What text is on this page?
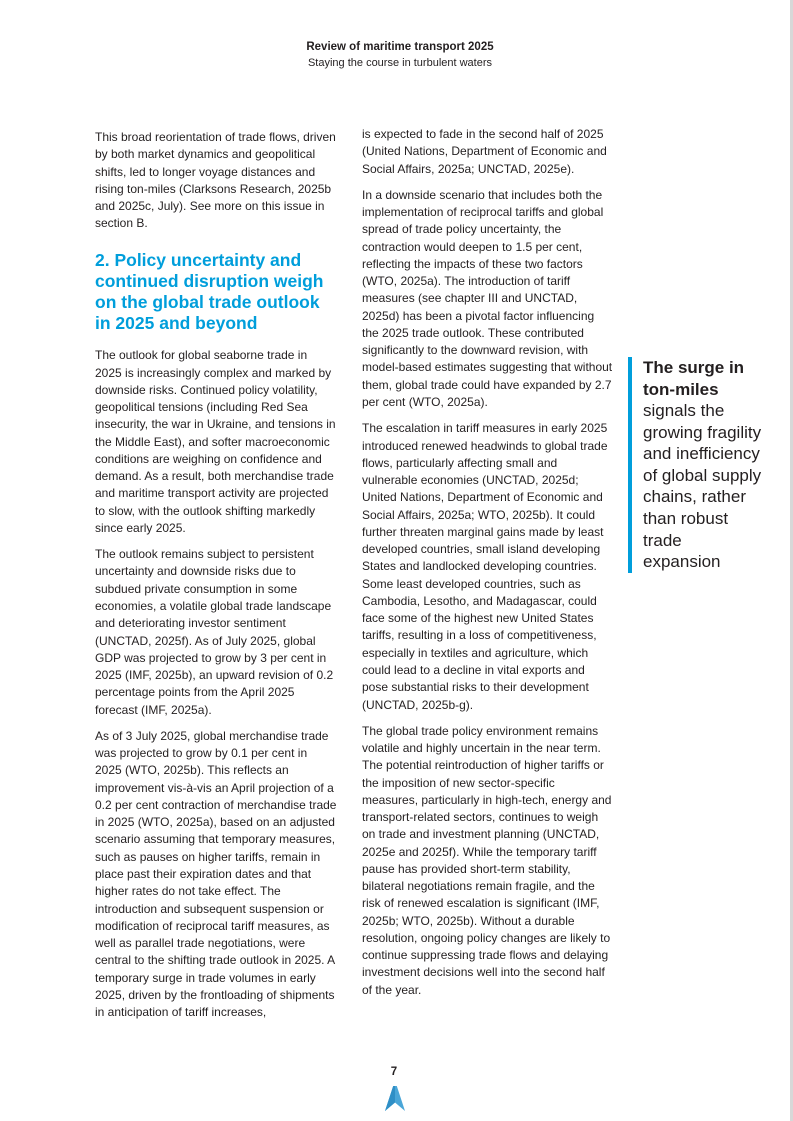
Review of maritime transport 2025
Staying the course in turbulent waters

This broad reorientation of trade flows, driven by both market dynamics and geopolitical shifts, led to longer voyage distances and rising ton-miles (Clarksons Research, 2025b and 2025c, July). See more on this issue in section B.

2. Policy uncertainty and continued disruption weigh on the global trade outlook in 2025 and beyond

The outlook for global seaborne trade in 2025 is increasingly complex and marked by downside risks. Continued policy volatility, geopolitical tensions (including Red Sea insecurity, the war in Ukraine, and tensions in the Middle East), and softer macroeconomic conditions are weighing on confidence and demand. As a result, both merchandise trade and maritime transport activity are projected to slow, with the outlook shifting markedly since early 2025.

The outlook remains subject to persistent uncertainty and downside risks due to subdued private consumption in some economies, a volatile global trade landscape and deteriorating investor sentiment (UNCTAD, 2025f). As of July 2025, global GDP was projected to grow by 3 per cent in 2025 (IMF, 2025b), an upward revision of 0.2 percentage points from the April 2025 forecast (IMF, 2025a).

As of 3 July 2025, global merchandise trade was projected to grow by 0.1 per cent in 2025 (WTO, 2025b). This reflects an improvement vis-à-vis an April projection of a 0.2 per cent contraction of merchandise trade in 2025 (WTO, 2025a), based on an adjusted scenario assuming that temporary measures, such as pauses on higher tariffs, remain in place past their expiration dates and that higher rates do not take effect. The introduction and subsequent suspension or modification of reciprocal tariff measures, as well as parallel trade negotiations, were central to the shifting trade outlook in 2025. A temporary surge in trade volumes in early 2025, driven by the frontloading of shipments in anticipation of tariff increases,

is expected to fade in the second half of 2025 (United Nations, Department of Economic and Social Affairs, 2025a; UNCTAD, 2025e).

In a downside scenario that includes both the implementation of reciprocal tariffs and global spread of trade policy uncertainty, the contraction would deepen to 1.5 per cent, reflecting the impacts of these two factors (WTO, 2025a). The introduction of tariff measures (see chapter III and UNCTAD, 2025d) has been a pivotal factor influencing the 2025 trade outlook. These contributed significantly to the downward revision, with model-based estimates suggesting that without them, global trade could have expanded by 2.7 per cent (WTO, 2025a).

The escalation in tariff measures in early 2025 introduced renewed headwinds to global trade flows, particularly affecting small and vulnerable economies (UNCTAD, 2025d; United Nations, Department of Economic and Social Affairs, 2025a; WTO, 2025b). It could further threaten marginal gains made by least developed countries, small island developing States and landlocked developing countries. Some least developed countries, such as Cambodia, Lesotho, and Madagascar, could face some of the highest new United States tariffs, resulting in a loss of competitiveness, especially in textiles and agriculture, which could lead to a decline in vital exports and pose substantial risks to their development (UNCTAD, 2025b-g).

The global trade policy environment remains volatile and highly uncertain in the near term. The potential reintroduction of higher tariffs or the imposition of new sector-specific measures, particularly in high-tech, energy and transport-related sectors, continues to weigh on trade and investment planning (UNCTAD, 2025e and 2025f). While the temporary tariff pause has provided short-term stability, bilateral negotiations remain fragile, and the risk of renewed escalation is significant (IMF, 2025b; WTO, 2025b). Without a durable resolution, ongoing policy changes are likely to continue suppressing trade flows and delaying investment decisions well into the second half of the year.

The surge in ton-miles signals the growing fragility and inefficiency of global supply chains, rather than robust trade expansion
7
